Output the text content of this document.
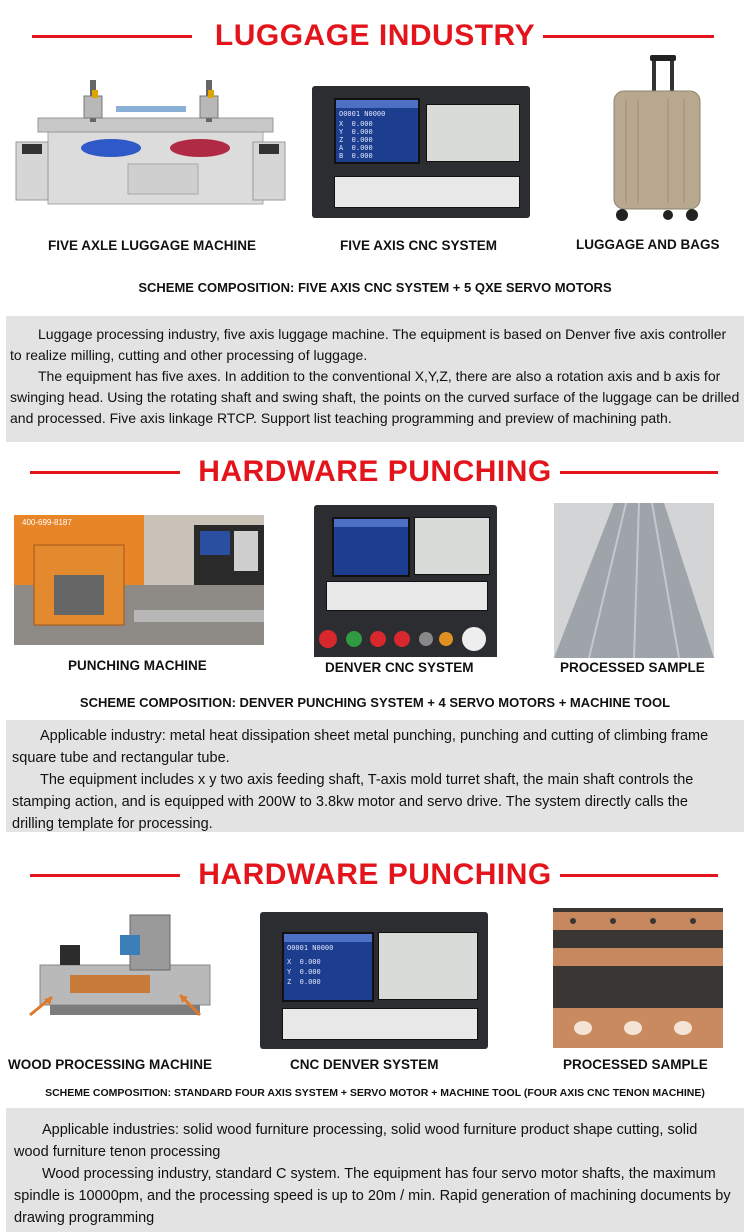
LUGGAGE INDUSTRY
O0001 N0000
X  0.000
Y  0.000
Z  0.000
A  0.000
B  0.000
FIVE AXLE LUGGAGE MACHINE	FIVE AXIS CNC SYSTEM	LUGGAGE AND BAGS
SCHEME COMPOSITION: FIVE AXIS CNC SYSTEM + 5 QXE SERVO MOTORS

Luggage processing industry, five axis luggage machine. The equipment is based on Denver five axis controller to realize milling, cutting and other processing of luggage.

The equipment has five axes. In addition to the conventional X,Y,Z, there are also a rotation axis and b axis for swinging head. Using the rotating shaft and swing shaft, the points on the curved surface of the luggage can be drilled and processed. Five axis linkage RTCP. Support list teaching programming and preview of machining path.

HARDWARE PUNCHING
400-699-8187
PUNCHING MACHINE	DENVER CNC SYSTEM	PROCESSED SAMPLE
SCHEME COMPOSITION: DENVER PUNCHING SYSTEM + 4 SERVO MOTORS + MACHINE TOOL

Applicable industry: metal heat dissipation sheet metal punching, punching and cutting of climbing frame square tube and rectangular tube.

The equipment includes x y two axis feeding shaft, T-axis mold turret shaft, the main shaft controls the stamping action, and is equipped with 200W to 3.8kw motor and servo drive. The system directly calls the drilling template for processing.

HARDWARE PUNCHING
O0001 N0000
X  0.000
Y  0.000
Z  0.000
WOOD PROCESSING MACHINE	CNC DENVER SYSTEM	PROCESSED SAMPLE
SCHEME COMPOSITION: STANDARD FOUR AXIS SYSTEM + SERVO MOTOR + MACHINE TOOL (FOUR AXIS CNC TENON MACHINE)

Applicable industries: solid wood furniture processing, solid wood furniture product shape cutting, solid wood furniture tenon processing

Wood processing industry, standard C system. The equipment has four servo motor shafts, the maximum spindle is 10000pm, and the processing speed is up to 20m / min. Rapid generation of machining documents by drawing programming
